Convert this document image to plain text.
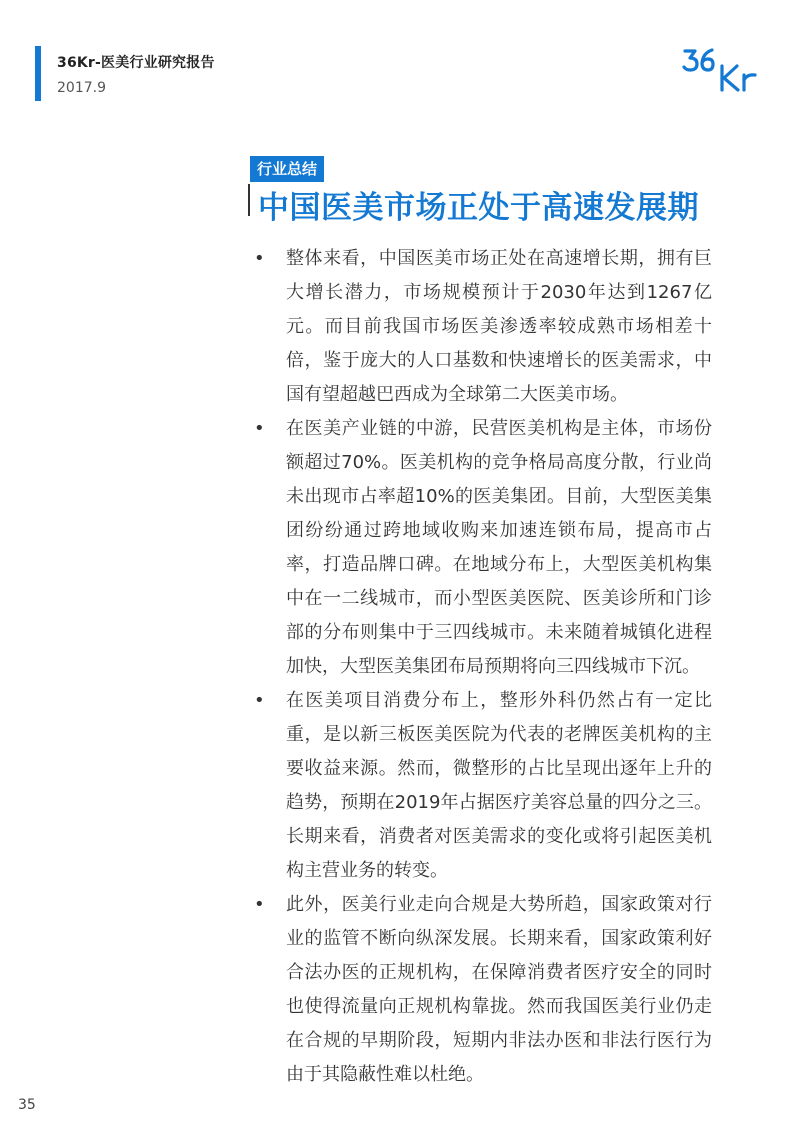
36Kr-医美行业研究报告
2017.9
行业总结
中国医美市场正处于高速发展期
• 整体来看，中国医美市场正处在高速增长期，拥有巨大增长潜力，市场规模预计于2030年达到1267亿元。而目前我国市场医美渗透率较成熟市场相差十倍，鉴于庞大的人口基数和快速增长的医美需求，中国有望超越巴西成为全球第二大医美市场。
• 在医美产业链的中游，民营医美机构是主体，市场份额超过70%。医美机构的竞争格局高度分散，行业尚未出现市占率超10%的医美集团。目前，大型医美集团纷纷通过跨地域收购来加速连锁布局，提高市占率，打造品牌口碑。在地域分布上，大型医美机构集中在一二线城市，而小型医美医院、医美诊所和门诊部的分布则集中于三四线城市。未来随着城镇化进程加快，大型医美集团布局预期将向三四线城市下沉。
• 在医美项目消费分布上，整形外科仍然占有一定比重，是以新三板医美医院为代表的老牌医美机构的主要收益来源。然而，微整形的占比呈现出逐年上升的趋势，预期在2019年占据医疗美容总量的四分之三。长期来看，消费者对医美需求的变化或将引起医美机构主营业务的转变。
• 此外，医美行业走向合规是大势所趋，国家政策对行业的监管不断向纵深发展。长期来看，国家政策利好合法办医的正规机构，在保障消费者医疗安全的同时也使得流量向正规机构靠拢。然而我国医美行业仍走在合规的早期阶段，短期内非法办医和非法行医行为由于其隐蔽性难以杜绝。
35
